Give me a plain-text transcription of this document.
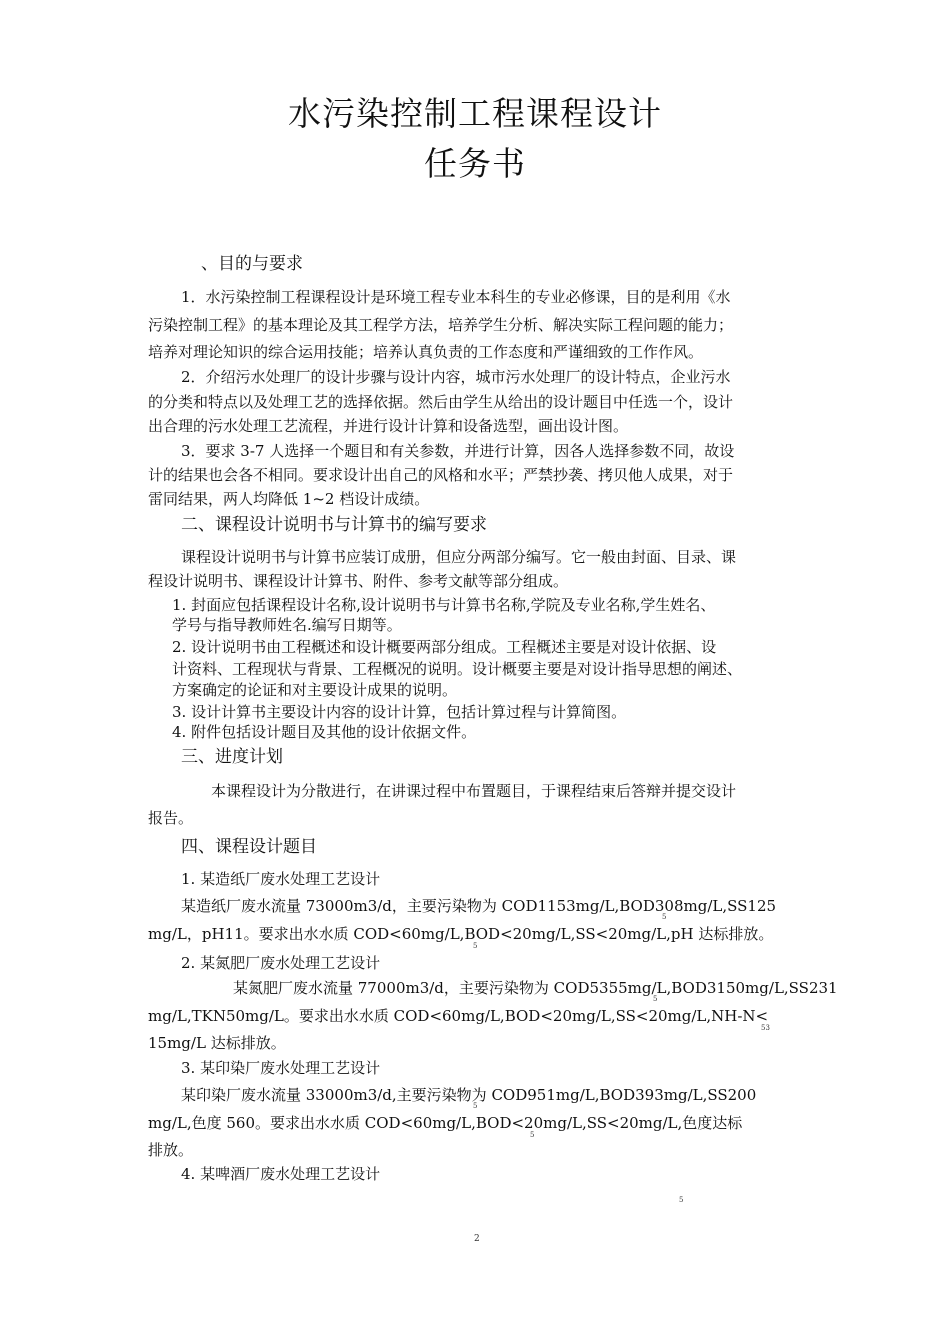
水污染控制工程课程设计
任务书
、目的与要求
1．水污染控制工程课程设计是环境工程专业本科生的专业必修课，目的是利用《水
污染控制工程》的基本理论及其工程学方法，培养学生分析、解决实际工程问题的能力；
培养对理论知识的综合运用技能；培养认真负责的工作态度和严谨细致的工作作风。
2．介绍污水处理厂的设计步骤与设计内容，城市污水处理厂的设计特点，企业污水
的分类和特点以及处理工艺的选择依据。然后由学生从给出的设计题目中任选一个，设计
出合理的污水处理工艺流程，并进行设计计算和设备选型，画出设计图。
3．要求 3-7 人选择一个题目和有关参数，并进行计算，因各人选择参数不同，故设
计的结果也会各不相同。要求设计出自己的风格和水平；严禁抄袭、拷贝他人成果，对于
雷同结果，两人均降低 1~2 档设计成绩。
二、课程设计说明书与计算书的编写要求
课程设计说明书与计算书应装订成册，但应分两部分编写。它一般由封面、目录、课
程设计说明书、课程设计计算书、附件、参考文献等部分组成。
1. 封面应包括课程设计名称,设计说明书与计算书名称,学院及专业名称,学生姓名、
学号与指导教师姓名.编写日期等。
2. 设计说明书由工程概述和设计概要两部分组成。工程概述主要是对设计依据、设
计资料、工程现状与背景、工程概况的说明。设计概要主要是对设计指导思想的阐述、
方案确定的论证和对主要设计成果的说明。
3. 设计计算书主要设计内容的设计计算，包括计算过程与计算简图。
4. 附件包括设计题目及其他的设计依据文件。
三、进度计划
本课程设计为分散进行，在讲课过程中布置题目，于课程结束后答辩并提交设计
报告。
四、课程设计题目
1. 某造纸厂废水处理工艺设计
某造纸厂废水流量 73000m3/d，主要污染物为 COD1153mg/L,BOD308mg/L,SS125
5
mg/L，pH11。要求出水水质 COD<60mg/L,BOD<20mg/L,SS<20mg/L,pH 达标排放。
5
2. 某氮肥厂废水处理工艺设计
某氮肥厂废水流量 77000m3/d，主要污染物为 COD5355mg/L,BOD3150mg/L,SS231
5
mg/L,TKN50mg/L。要求出水水质 COD<60mg/L,BOD<20mg/L,SS<20mg/L,NH-N<
53
15mg/L 达标排放。
3. 某印染厂废水处理工艺设计
某印染厂废水流量 33000m3/d,主要污染物为 COD951mg/L,BOD393mg/L,SS200
5
mg/L,色度 560。要求出水水质 COD<60mg/L,BOD<20mg/L,SS<20mg/L,色度达标
5
排放。
4. 某啤酒厂废水处理工艺设计
5
2
